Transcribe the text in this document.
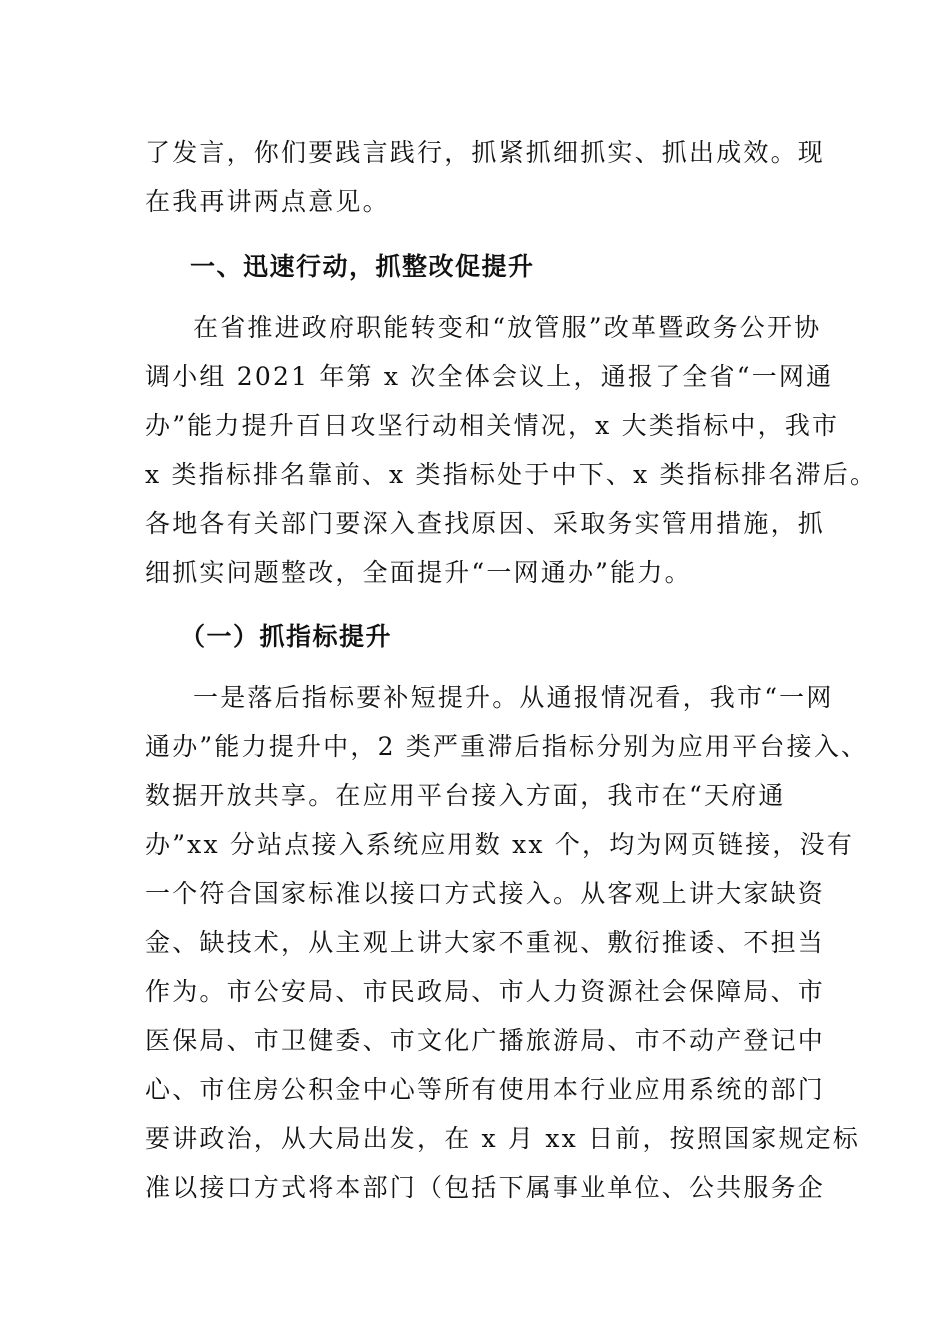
了发言，你们要践言践行，抓紧抓细抓实、抓出成效。现
在我再讲两点意见。
一、迅速行动，抓整改促提升
在省推进政府职能转变和“放管服”改革暨政务公开协
调小组 2021 年第 x 次全体会议上，通报了全省“一网通
办”能力提升百日攻坚行动相关情况，x 大类指标中，我市
x 类指标排名靠前、x 类指标处于中下、x 类指标排名滞后。
各地各有关部门要深入查找原因、采取务实管用措施，抓
细抓实问题整改，全面提升“一网通办”能力。
（一）抓指标提升
一是落后指标要补短提升。从通报情况看，我市“一网
通办”能力提升中，2 类严重滞后指标分别为应用平台接入、
数据开放共享。在应用平台接入方面，我市在“天府通
办”xx 分站点接入系统应用数 xx 个，均为网页链接，没有
一个符合国家标准以接口方式接入。从客观上讲大家缺资
金、缺技术，从主观上讲大家不重视、敷衍推诿、不担当
作为。市公安局、市民政局、市人力资源社会保障局、市
医保局、市卫健委、市文化广播旅游局、市不动产登记中
心、市住房公积金中心等所有使用本行业应用系统的部门
要讲政治，从大局出发，在 x 月 xx 日前，按照国家规定标
准以接口方式将本部门（包括下属事业单位、公共服务企
